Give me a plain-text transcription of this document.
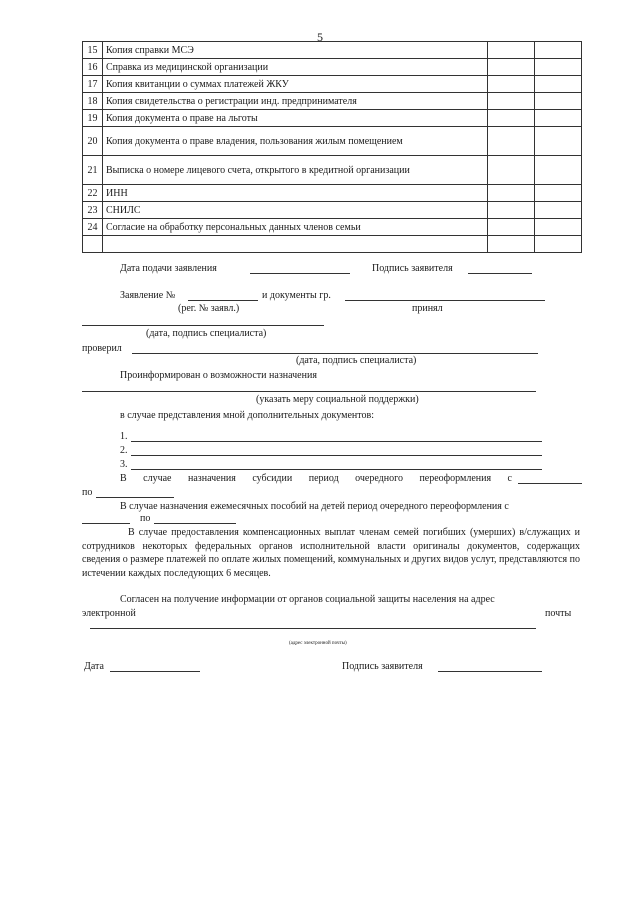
5
15	Копия справки МСЭ		
16	Справка из медицинской организации		
17	Копия квитанции о суммах платежей ЖКУ		
18	Копия свидетельства о регистрации инд. предпринимателя		
19	Копия документа о праве на льготы		
20	Копия документа о праве владения, пользования жилым помещением		
21	Выписка о номере лицевого счета, открытого в кредитной организации		
22	ИНН		
23	СНИЛС		
24	Согласие на обработку персональных данных членов семьи		

Дата подачи заявления	Подпись заявителя
Заявление №	и документы гр.
(рег. № заявл.)	принял
(дата, подпись специалиста)
проверил
(дата, подпись специалиста)
Проинформирован о возможности назначения
(указать меру социальной поддержки)
в случае представления мной дополнительных документов:
1.
2.
3.
В случае назначения субсидии период очередного переоформления с
по
В случае назначения ежемесячных пособий на детей период очередного переоформления с
по
В случае предоставления компенсационных выплат членам семей погибших (умерших) в/служащих и сотрудников некоторых федеральных органов исполнительной власти оригиналы документов, содержащих сведения о размере платежей по оплате жилых помещений, коммунальных и других видов услут, представляются по истечении каждых последующих 6 месяцев.
Согласен на получение информации от органов социальной защиты населения на адрес
электронной	почты
(адрес электронной почты)
Дата	Подпись заявителя
